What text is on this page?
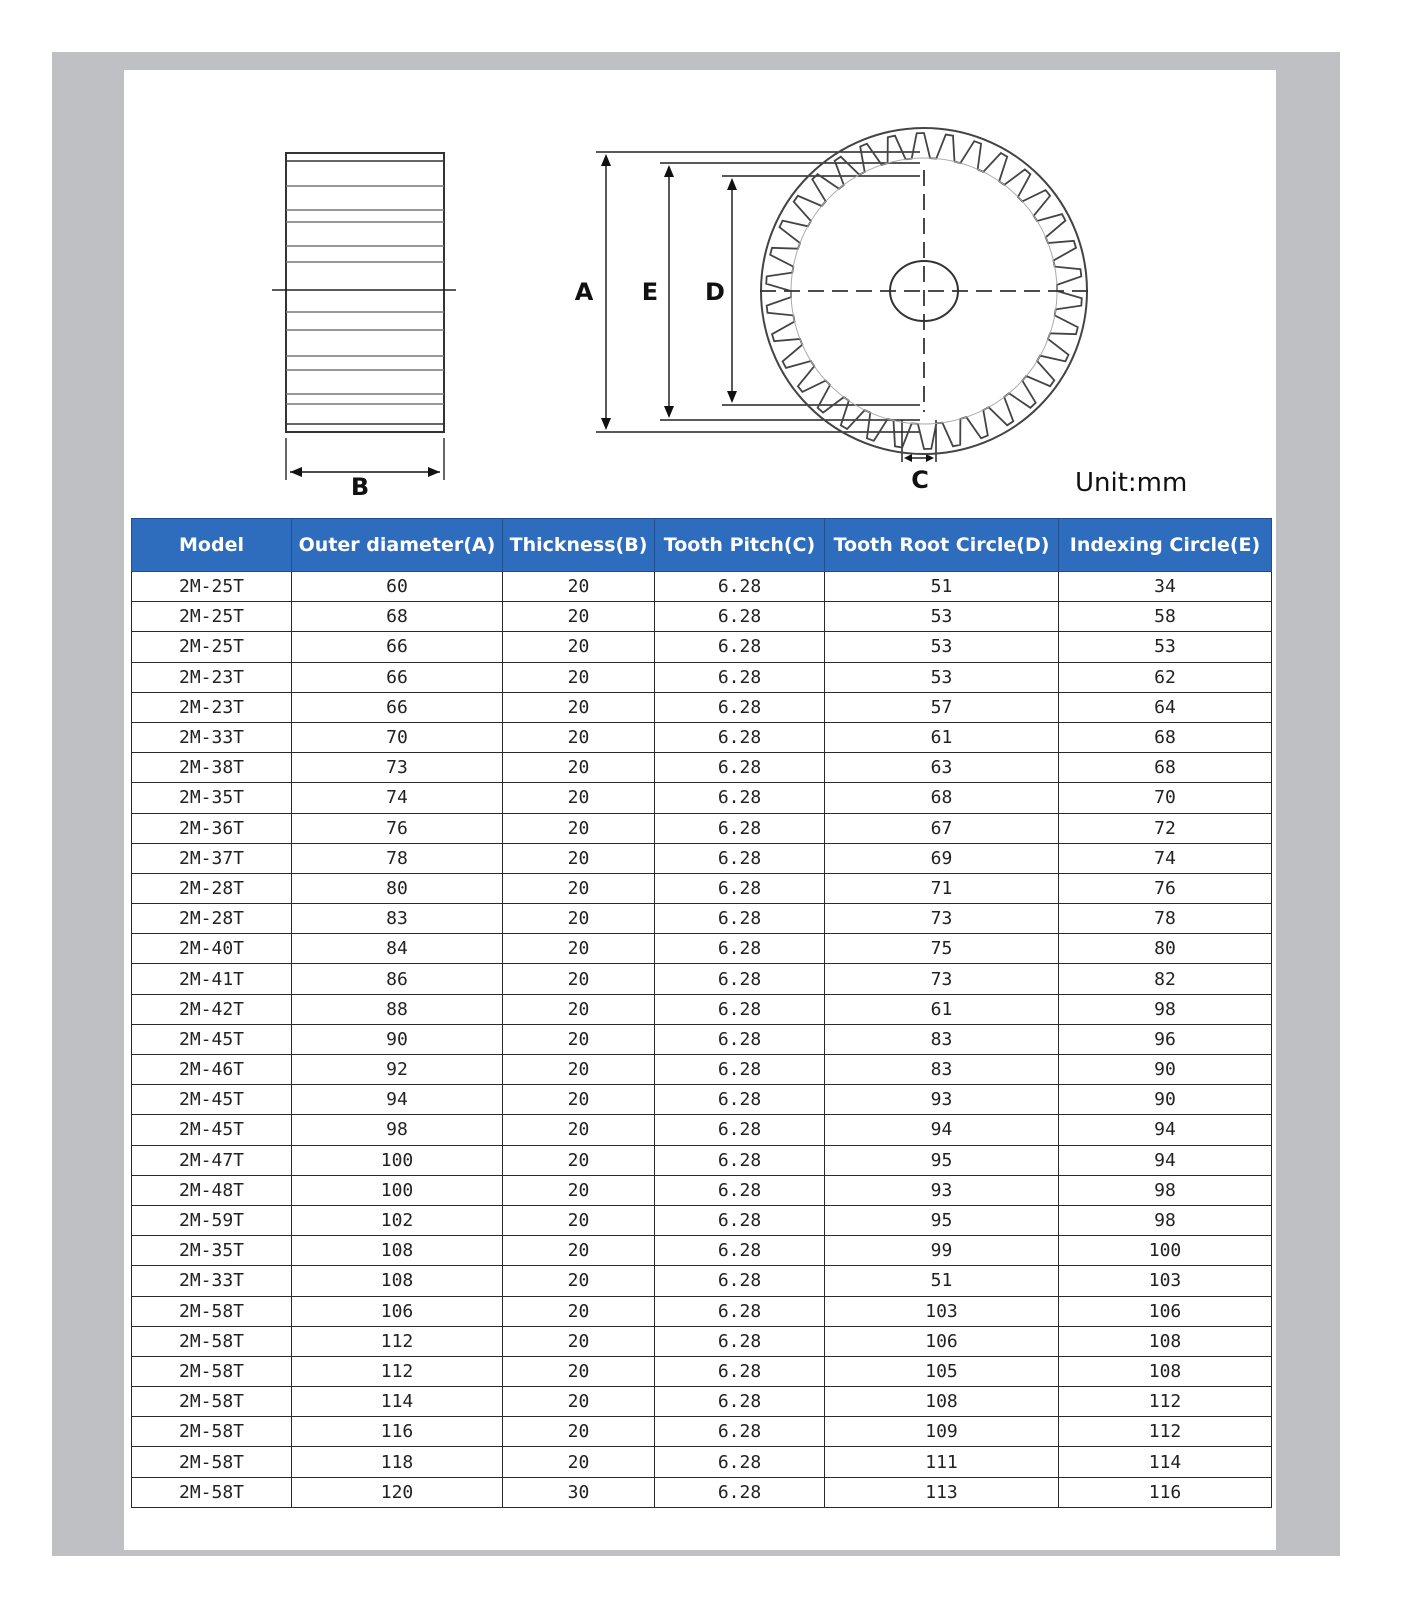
B
A E D
C	Unit:mm
Model	Outer diameter(A)	Thickness(B)	Tooth Pitch(C)	Tooth Root Circle(D)	Indexing Circle(E)
2M-25T	60	20	6.28	51	34
2M-25T	68	20	6.28	53	58
2M-25T	66	20	6.28	53	53
2M-23T	66	20	6.28	53	62
2M-23T	66	20	6.28	57	64
2M-33T	70	20	6.28	61	68
2M-38T	73	20	6.28	63	68
2M-35T	74	20	6.28	68	70
2M-36T	76	20	6.28	67	72
2M-37T	78	20	6.28	69	74
2M-28T	80	20	6.28	71	76
2M-28T	83	20	6.28	73	78
2M-40T	84	20	6.28	75	80
2M-41T	86	20	6.28	73	82
2M-42T	88	20	6.28	61	98
2M-45T	90	20	6.28	83	96
2M-46T	92	20	6.28	83	90
2M-45T	94	20	6.28	93	90
2M-45T	98	20	6.28	94	94
2M-47T	100	20	6.28	95	94
2M-48T	100	20	6.28	93	98
2M-59T	102	20	6.28	95	98
2M-35T	108	20	6.28	99	100
2M-33T	108	20	6.28	51	103
2M-58T	106	20	6.28	103	106
2M-58T	112	20	6.28	106	108
2M-58T	112	20	6.28	105	108
2M-58T	114	20	6.28	108	112
2M-58T	116	20	6.28	109	112
2M-58T	118	20	6.28	111	114
2M-58T	120	30	6.28	113	116
